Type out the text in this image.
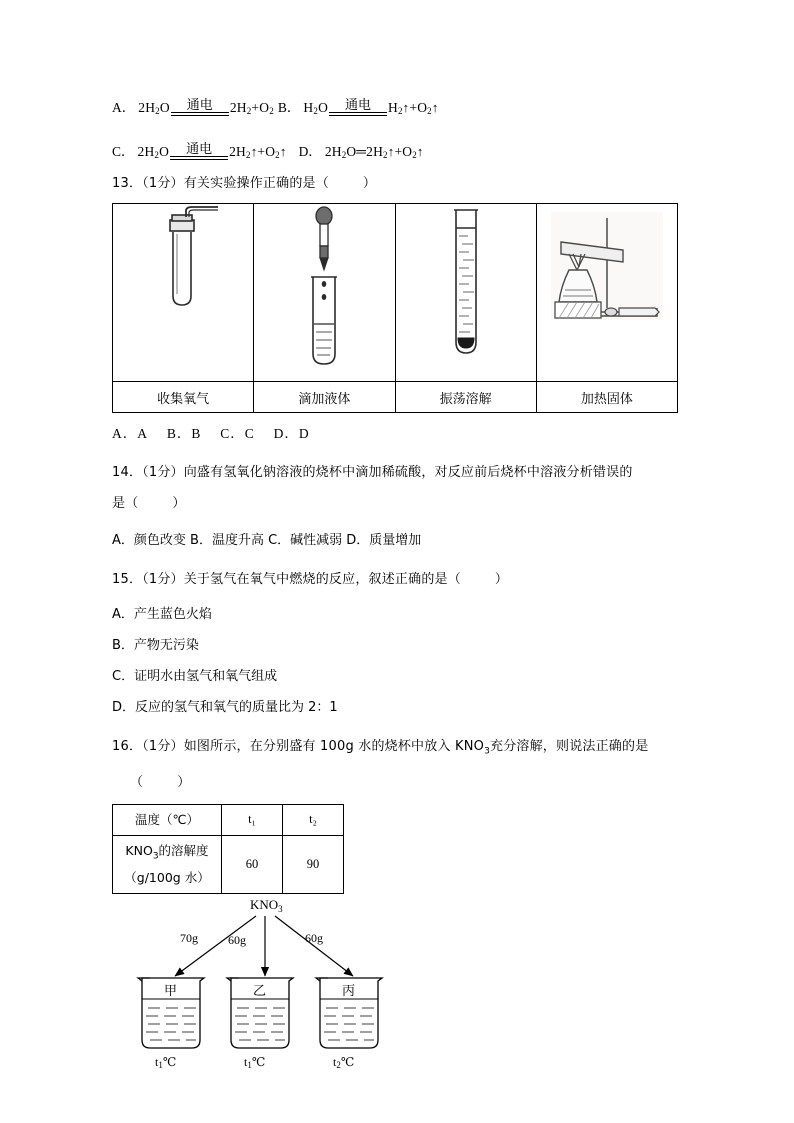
A． $2H_2O$	通电	$2H_2+O_2$ B． $H_2O$	通电	$H_2↑+O_2↑$
C． $2H_2O$	通电	$2H_2↑+O_2↑$ D． $2H_2O═2H_2↑+O_2↑$
13．（1分）有关实验操作正确的是（	）

收集氧气	滴加液体	振荡溶解	加热固体
A．A  B．B  C．C  D．D
14．（1分）向盛有氢氧化钠溶液的烧杯中滴加稀硫酸，对反应前后烧杯中溶液分析错误的
是（	）
A．颜色改变 B．温度升高 C．碱性减弱 D．质量增加
15．（1分）关于氢气在氧气中燃烧的反应，叙述正确的是（	）
A．产生蓝色火焰
B．产物无污染
C．证明水由氢气和氧气组成
D．反应的氢气和氧气的质量比为 2：1
16．（1分）如图所示，在分别盛有 100g 水的烧杯中放入 $KNO_3$充分溶解，则说法正确的是
（	）
温度（℃）	t₁	t₂

$KNO_3$的溶解度
（g/100g 水）	60	90
$KNO_3$
70g	60g	60g
甲
t1℃
乙
t1℃
丙
t2℃
